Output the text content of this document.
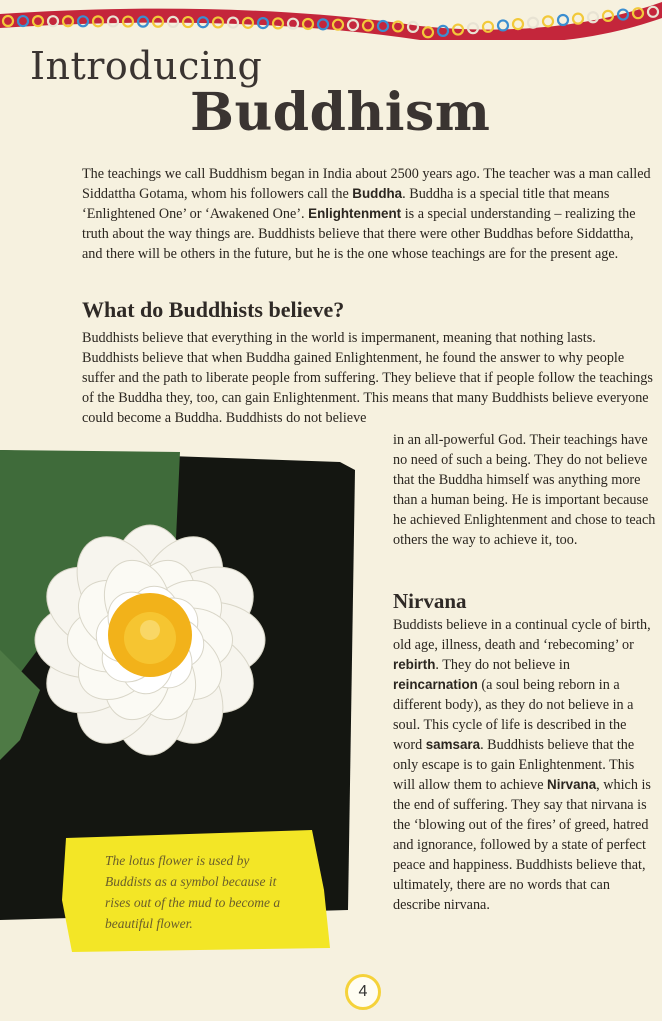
Introducing
Buddhism

The teachings we call Buddhism began in India about 2500 years ago. The teacher was a man called Siddattha Gotama, whom his followers call the Buddha. Buddha is a special title that means ‘Enlightened One’ or ‘Awakened One’. Enlightenment is a special understanding – realizing the truth about the way things are. Buddhists believe that there were other Buddhas before Siddattha, and there will be others in the future, but he is the one whose teachings are for the present age.

What do Buddhists believe?

Buddhists believe that everything in the world is impermanent, meaning that nothing lasts. Buddhists believe that when Buddha gained Enlightenment, he found the answer to why people suffer and the path to liberate people from suffering. They believe that if people follow the teachings of the Buddha they, too, can gain Enlightenment. This means that many Buddhists believe everyone could become a Buddha. Buddhists do not believe

in an all-powerful God. Their teachings have no need of such a being. They do not believe that the Buddha himself was anything more than a human being. He is important because he achieved Enlightenment and chose to teach others the way to achieve it, too.

The lotus flower is used by Buddists as a symbol because it rises out of the mud to become a beautiful flower.

Nirvana

Buddists believe in a continual cycle of birth, old age, illness, death and ‘rebecoming’ or rebirth. They do not believe in reincarnation (a soul being reborn in a different body), as they do not believe in a soul. This cycle of life is described in the word samsara. Buddhists believe that the only escape is to gain Enlightenment. This will allow them to achieve Nirvana, which is the end of suffering. They say that nirvana is the ‘blowing out of the fires’ of greed, hatred and ignorance, followed by a state of perfect peace and happiness. Buddhists believe that, ultimately, there are no words that can describe nirvana.

4
